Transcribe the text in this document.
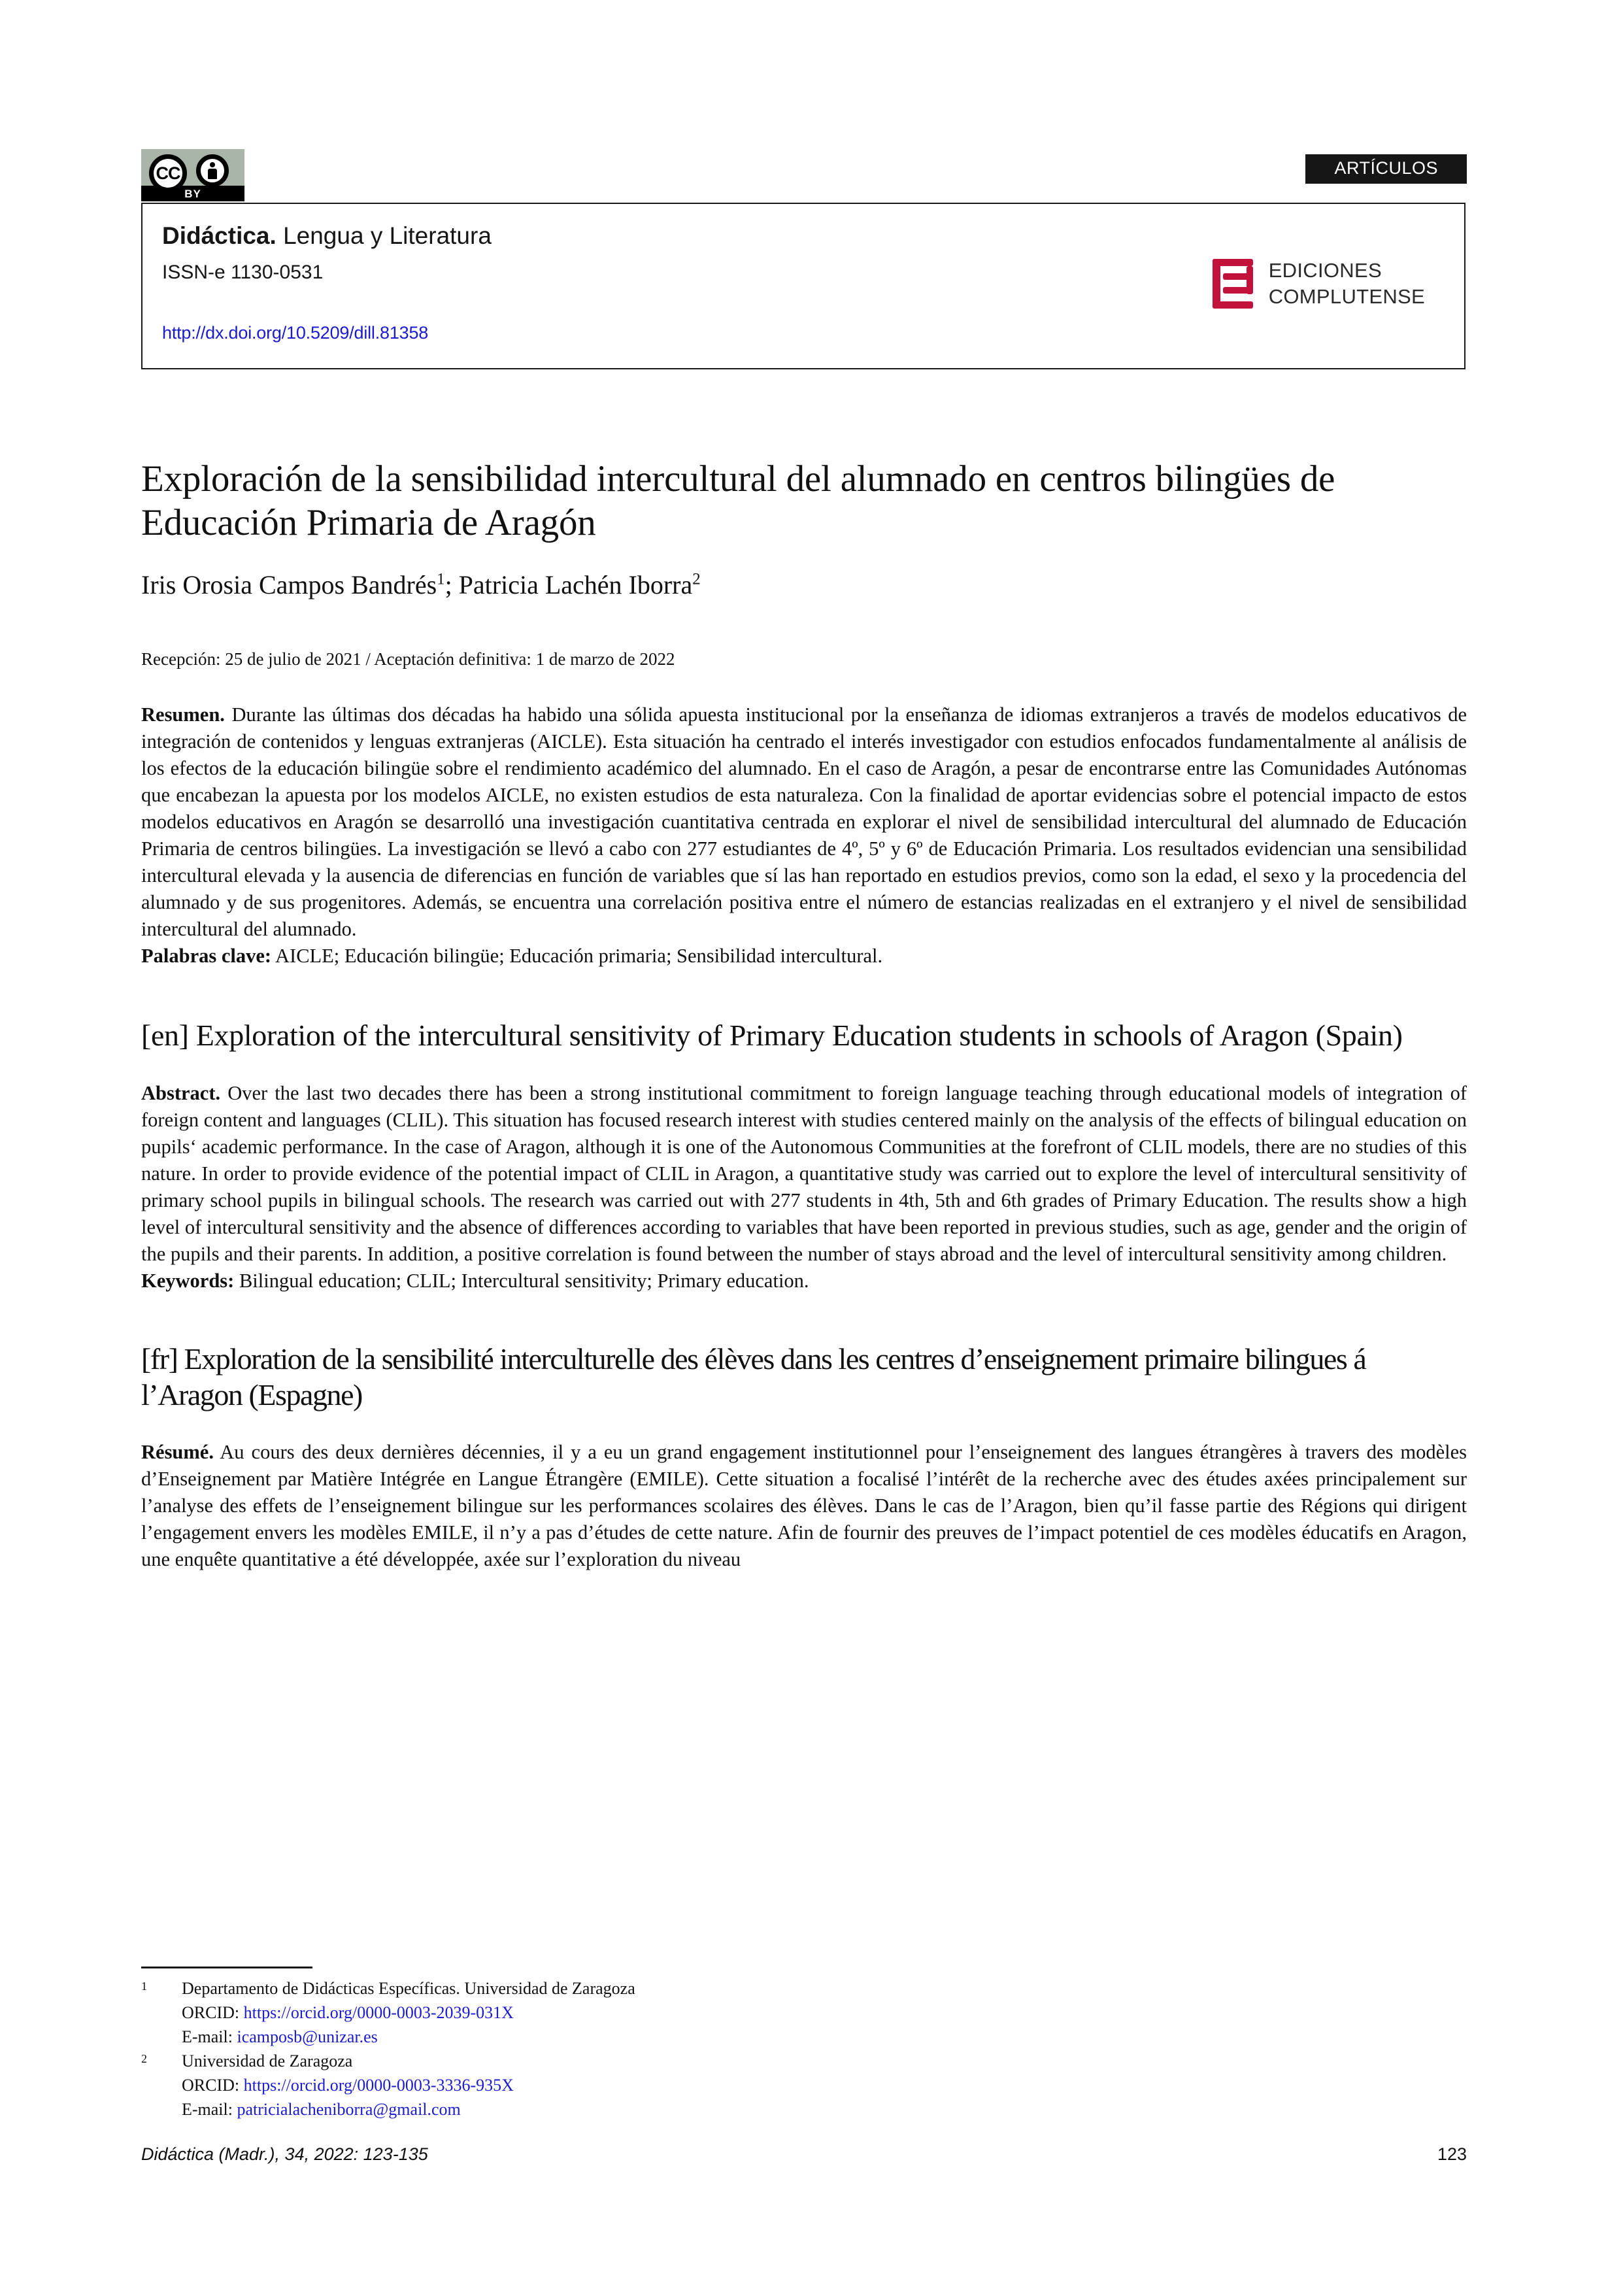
CC
BY
ARTÍCULOS
Didáctica. Lengua y Literatura
ISSN-e 1130-0531
http://dx.doi.org/10.5209/dill.81358
EDICIONES
COMPLUTENSE
Exploración de la sensibilidad intercultural del alumnado en centros bilingües de Educación Primaria de Aragón
Iris Orosia Campos Bandrés$^1$; Patricia Lachén Iborra$^2$
Recepción: 25 de julio de 2021 / Aceptación definitiva: 1 de marzo de 2022

Resumen. Durante las últimas dos décadas ha habido una sólida apuesta institucional por la enseñanza de idiomas extranjeros a través de modelos educativos de integración de contenidos y lenguas extranjeras (AICLE). Esta situación ha centrado el interés investigador con estudios enfocados fundamentalmente al análisis de los efectos de la educación bilingüe sobre el rendimiento académico del alumnado. En el caso de Aragón, a pesar de encontrarse entre las Comunidades Autónomas que encabezan la apuesta por los modelos AICLE, no existen estudios de esta naturaleza. Con la finalidad de aportar evidencias sobre el potencial impacto de estos modelos educativos en Aragón se desarrolló una investigación cuantitativa centrada en explorar el nivel de sensibilidad intercultural del alumnado de Educación Primaria de centros bilingües. La investigación se llevó a cabo con 277 estudiantes de 4º, 5º y 6º de Educación Primaria. Los resultados evidencian una sensibilidad intercultural elevada y la ausencia de diferencias en función de variables que sí las han reportado en estudios previos, como son la edad, el sexo y la procedencia del alumnado y de sus progenitores. Además, se encuentra una correlación positiva entre el número de estancias realizadas en el extranjero y el nivel de sensibilidad intercultural del alumnado.

Palabras clave: AICLE; Educación bilingüe; Educación primaria; Sensibilidad intercultural.
[en] Exploration of the intercultural sensitivity of Primary Education students in schools of Aragon (Spain)

Abstract. Over the last two decades there has been a strong institutional commitment to foreign language teaching through educational models of integration of foreign content and languages (CLIL). This situation has focused research interest with studies centered mainly on the analysis of the effects of bilingual education on pupils‘ academic performance. In the case of Aragon, although it is one of the Autonomous Communities at the forefront of CLIL models, there are no studies of this nature. In order to provide evidence of the potential impact of CLIL in Aragon, a quantitative study was carried out to explore the level of intercultural sensitivity of primary school pupils in bilingual schools. The research was carried out with 277 students in 4th, 5th and 6th grades of Primary Education. The results show a high level of intercultural sensitivity and the absence of differences according to variables that have been reported in previous studies, such as age, gender and the origin of the pupils and their parents. In addition, a positive correlation is found between the number of stays abroad and the level of intercultural sensitivity among children.

Keywords: Bilingual education; CLIL; Intercultural sensitivity; Primary education.
[fr] Exploration de la sensibilité interculturelle des élèves dans les centres d’enseignement primaire bilingues á l’Aragon (Espagne)

Résumé. Au cours des deux dernières décennies, il y a eu un grand engagement institutionnel pour l’enseignement des langues étrangères à travers des modèles d’Enseignement par Matière Intégrée en Langue Étrangère (EMILE). Cette situation a focalisé l’intérêt de la recherche avec des études axées principalement sur l’analyse des effets de l’enseignement bilingue sur les performances scolaires des élèves. Dans le cas de l’Aragon, bien qu’il fasse partie des Régions qui dirigent l’engagement envers les modèles EMILE, il n’y a pas d’études de cette nature. Afin de fournir des preuves de l’impact potentiel de ces modèles éducatifs en Aragon, une enquête quantitative a été développée, axée sur l’exploration du niveau

1	Departamento de Didácticas Específicas. Universidad de Zaragoza
ORCID: https://orcid.org/0000-0003-2039-031X
E-mail: icamposb@unizar.es
2	Universidad de Zaragoza
ORCID: https://orcid.org/0000-0003-3336-935X
E-mail: patricialacheniborra@gmail.com
Didáctica (Madr.), 34, 2022: 123-135	123
